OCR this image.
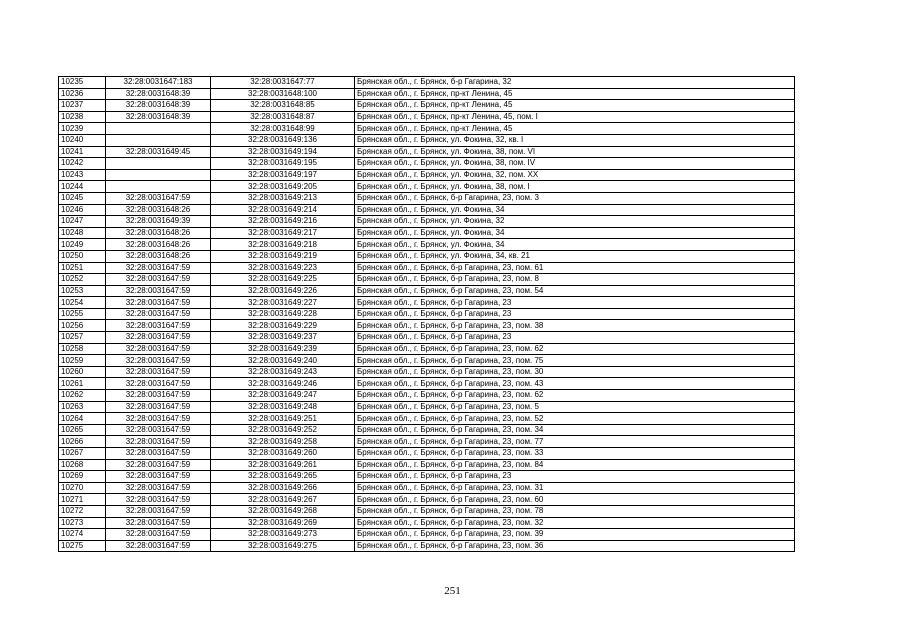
10235	32:28:0031647:183	32:28:0031647:77	Брянская обл., г. Брянск, б-р Гагарина, 32
10236	32:28:0031648:39	32:28:0031648:100	Брянская обл., г. Брянск, пр-кт Ленина, 45
10237	32:28:0031648:39	32:28:0031648:85	Брянская обл., г. Брянск, пр-кт Ленина, 45
10238	32:28:0031648:39	32:28:0031648:87	Брянская обл., г. Брянск, пр-кт Ленина, 45, пом. I
10239		32:28:0031648:99	Брянская обл., г. Брянск, пр-кт Ленина, 45
10240		32:28:0031649:136	Брянская обл., г. Брянск, ул. Фокина, 32, кв. I
10241	32:28:0031649:45	32:28:0031649:194	Брянская обл., г. Брянск, ул. Фокина, 38, пом. VI
10242		32:28:0031649:195	Брянская обл., г. Брянск, ул. Фокина, 38, пом. IV
10243		32:28:0031649:197	Брянская обл., г. Брянск, ул. Фокина, 32, пом. XX
10244		32:28:0031649:205	Брянская обл., г. Брянск, ул. Фокина, 38, пом. I
10245	32:28:0031647:59	32:28:0031649:213	Брянская обл., г. Брянск, б-р Гагарина, 23, пом. 3
10246	32:28:0031648:26	32:28:0031649:214	Брянская обл., г. Брянск, ул. Фокина, 34
10247	32:28:0031649:39	32:28:0031649:216	Брянская обл., г. Брянск, ул. Фокина, 32
10248	32:28:0031648:26	32:28:0031649:217	Брянская обл., г. Брянск, ул. Фокина, 34
10249	32:28:0031648:26	32:28:0031649:218	Брянская обл., г. Брянск, ул. Фокина, 34
10250	32:28:0031648:26	32:28:0031649:219	Брянская обл., г. Брянск, ул. Фокина, 34, кв. 21
10251	32:28:0031647:59	32:28:0031649:223	Брянская обл., г. Брянск, б-р Гагарина, 23, пом. 61
10252	32:28:0031647:59	32:28:0031649:225	Брянская обл., г. Брянск, б-р Гагарина, 23, пом. 8
10253	32:28:0031647:59	32:28:0031649:226	Брянская обл., г. Брянск, б-р Гагарина, 23, пом. 54
10254	32:28:0031647:59	32:28:0031649:227	Брянская обл., г. Брянск, б-р Гагарина, 23
10255	32:28:0031647:59	32:28:0031649:228	Брянская обл., г. Брянск, б-р Гагарина, 23
10256	32:28:0031647:59	32:28:0031649:229	Брянская обл., г. Брянск, б-р Гагарина, 23, пом. 38
10257	32:28:0031647:59	32:28:0031649:237	Брянская обл., г. Брянск, б-р Гагарина, 23
10258	32:28:0031647:59	32:28:0031649:239	Брянская обл., г. Брянск, б-р Гагарина, 23, пом. 62
10259	32:28:0031647:59	32:28:0031649:240	Брянская обл., г. Брянск, б-р Гагарина, 23, пом. 75
10260	32:28:0031647:59	32:28:0031649:243	Брянская обл., г. Брянск, б-р Гагарина, 23, пом. 30
10261	32:28:0031647:59	32:28:0031649:246	Брянская обл., г. Брянск, б-р Гагарина, 23, пом. 43
10262	32:28:0031647:59	32:28:0031649:247	Брянская обл., г. Брянск, б-р Гагарина, 23, пом. 62
10263	32:28:0031647:59	32:28:0031649:248	Брянская обл., г. Брянск, б-р Гагарина, 23, пом. 5
10264	32:28:0031647:59	32:28:0031649:251	Брянская обл., г. Брянск, б-р Гагарина, 23, пом. 52
10265	32:28:0031647:59	32:28:0031649:252	Брянская обл., г. Брянск, б-р Гагарина, 23, пом. 34
10266	32:28:0031647:59	32:28:0031649:258	Брянская обл., г. Брянск, б-р Гагарина, 23, пом. 77
10267	32:28:0031647:59	32:28:0031649:260	Брянская обл., г. Брянск, б-р Гагарина, 23, пом. 33
10268	32:28:0031647:59	32:28:0031649:261	Брянская обл., г. Брянск, б-р Гагарина, 23, пом. 84
10269	32:28:0031647:59	32:28:0031649:265	Брянская обл., г. Брянск, б-р Гагарина, 23
10270	32:28:0031647:59	32:28:0031649:266	Брянская обл., г. Брянск, б-р Гагарина, 23, пом. 31
10271	32:28:0031647:59	32:28:0031649:267	Брянская обл., г. Брянск, б-р Гагарина, 23, пом. 60
10272	32:28:0031647:59	32:28:0031649:268	Брянская обл., г. Брянск, б-р Гагарина, 23, пом. 78
10273	32:28:0031647:59	32:28:0031649:269	Брянская обл., г. Брянск, б-р Гагарина, 23, пом. 32
10274	32:28:0031647:59	32:28:0031649:273	Брянская обл., г. Брянск, б-р Гагарина, 23, пом. 39
10275	32:28:0031647:59	32:28:0031649:275	Брянская обл., г. Брянск, б-р Гагарина, 23, пом. 36
251
